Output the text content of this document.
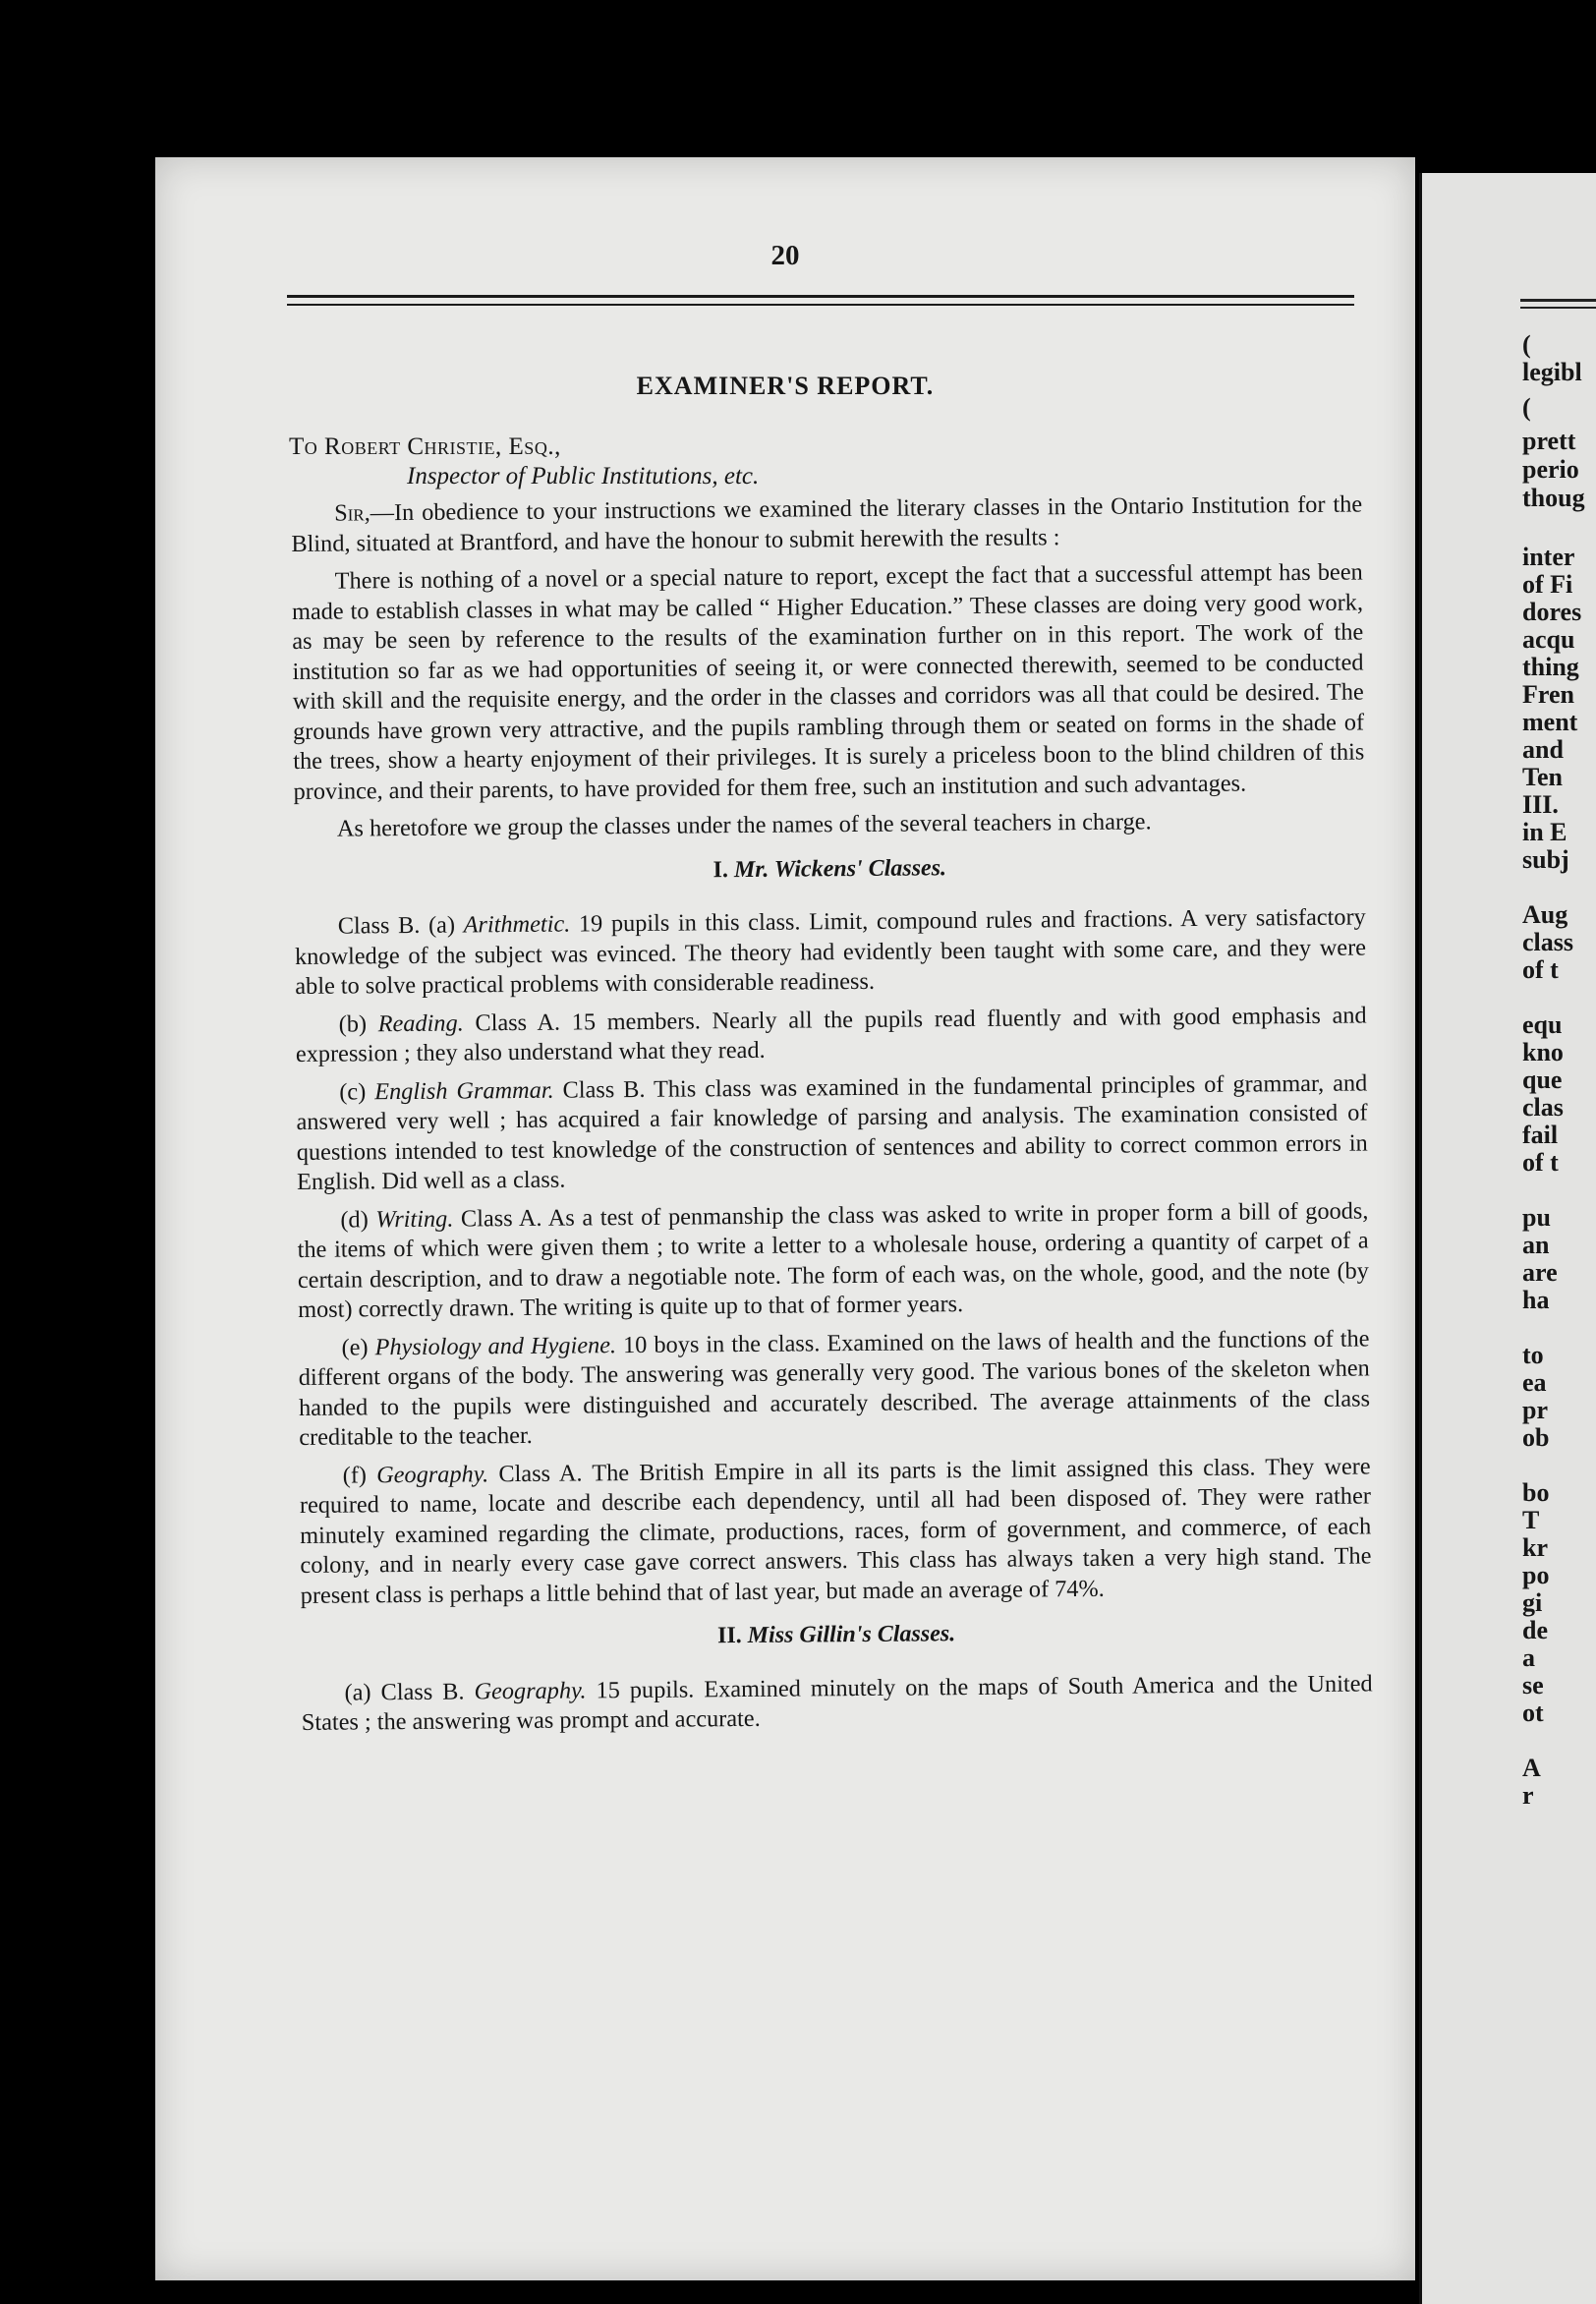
20
EXAMINER'S REPORT.
To Robert Christie, Esq.,
Inspector of Public Institutions, etc.

Sir,—In obedience to your instructions we examined the literary classes in the Ontario Institution for the Blind, situated at Brantford, and have the honour to submit herewith the results :

There is nothing of a novel or a special nature to report, except the fact that a successful attempt has been made to establish classes in what may be called “ Higher Education.” These classes are doing very good work, as may be seen by reference to the results of the examination further on in this report. The work of the institution so far as we had opportunities of seeing it, or were connected therewith, seemed to be conducted with skill and the requisite energy, and the order in the classes and corridors was all that could be desired. The grounds have grown very attractive, and the pupils rambling through them or seated on forms in the shade of the trees, show a hearty enjoyment of their privileges. It is surely a priceless boon to the blind children of this province, and their parents, to have provided for them free, such an institution and such advantages.

As heretofore we group the classes under the names of the several teachers in charge.

I. Mr. Wickens' Classes.

Class B. (a) Arithmetic. 19 pupils in this class. Limit, compound rules and fractions. A very satisfactory knowledge of the subject was evinced. The theory had evidently been taught with some care, and they were able to solve practical problems with considerable readiness.

(b) Reading. Class A. 15 members. Nearly all the pupils read fluently and with good emphasis and expression ; they also understand what they read.

(c) English Grammar. Class B. This class was examined in the fundamental principles of grammar, and answered very well ; has acquired a fair knowledge of parsing and analysis. The examination consisted of questions intended to test knowledge of the construction of sentences and ability to correct common errors in English. Did well as a class.

(d) Writing. Class A. As a test of penmanship the class was asked to write in proper form a bill of goods, the items of which were given them ; to write a letter to a wholesale house, ordering a quantity of carpet of a certain description, and to draw a negotiable note. The form of each was, on the whole, good, and the note (by most) correctly drawn. The writing is quite up to that of former years.

(e) Physiology and Hygiene. 10 boys in the class. Examined on the laws of health and the functions of the different organs of the body. The answering was generally very good. The various bones of the skeleton when handed to the pupils were distinguished and accurately described. The average attainments of the class creditable to the teacher.

(f) Geography. Class A. The British Empire in all its parts is the limit assigned this class. They were required to name, locate and describe each dependency, until all had been disposed of. They were rather minutely examined regarding the climate, productions, races, form of government, and commerce, of each colony, and in nearly every case gave correct answers. This class has always taken a very high stand. The present class is perhaps a little behind that of last year, but made an average of 74%.

II. Miss Gillin's Classes.

(a) Class B. Geography. 15 pupils. Examined minutely on the maps of South America and the United States ; the answering was prompt and accurate.

(
legibl
(
prett
perio
thoug
inter
of Fi
dores
acqu
thing
Fren
ment
and
Ten
III.
in E
subj
Aug
class
of t
equ
kno
que
clas
fail
of t
pu
an
are
ha
to
ea
pr
ob
bo
T
kr
po
gi
de
a
se
ot
A
r
